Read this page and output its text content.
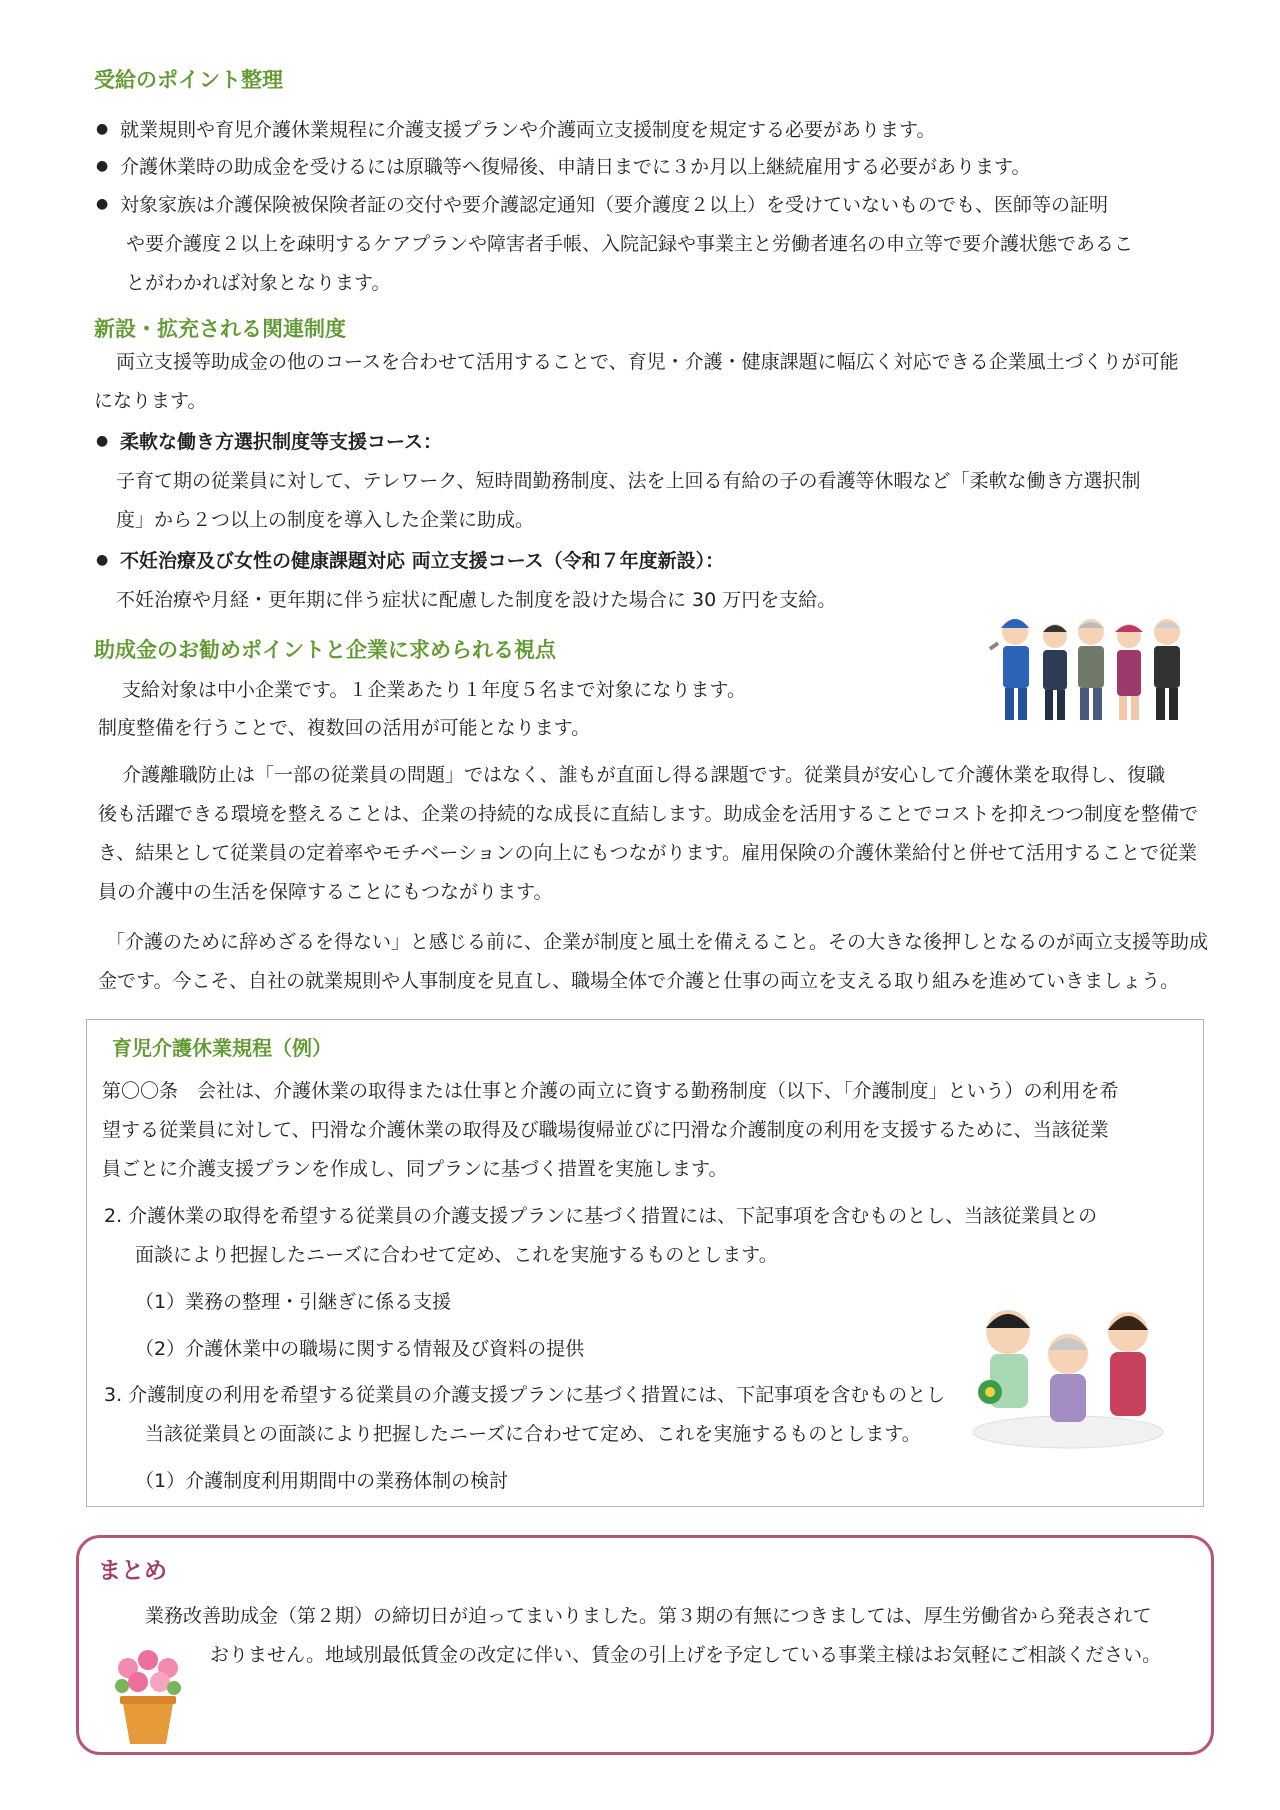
受給のポイント整理
● 就業規則や育児介護休業規程に介護支援プランや介護両立支援制度を規定する必要があります。
● 介護休業時の助成金を受けるには原職等へ復帰後、申請日までに３か月以上継続雇用する必要があります。
● 対象家族は介護保険被保険者証の交付や要介護認定通知（要介護度２以上）を受けていないものでも、医師等の証明
や要介護度２以上を疎明するケアプランや障害者手帳、入院記録や事業主と労働者連名の申立等で要介護状態であるこ
とがわかれば対象となります。
新設・拡充される関連制度
両立支援等助成金の他のコースを合わせて活用することで、育児・介護・健康課題に幅広く対応できる企業風土づくりが可能
になります。
● 柔軟な働き方選択制度等支援コース：
子育て期の従業員に対して、テレワーク、短時間勤務制度、法を上回る有給の子の看護等休暇など「柔軟な働き方選択制
度」から２つ以上の制度を導入した企業に助成。
● 不妊治療及び女性の健康課題対応 両立支援コース（令和７年度新設）：
不妊治療や月経・更年期に伴う症状に配慮した制度を設けた場合に 30 万円を支給。
助成金のお勧めポイントと企業に求められる視点
支給対象は中小企業です。１企業あたり１年度５名まで対象になります。
制度整備を行うことで、複数回の活用が可能となります。
介護離職防止は「一部の従業員の問題」ではなく、誰もが直面し得る課題です。従業員が安心して介護休業を取得し、復職
後も活躍できる環境を整えることは、企業の持続的な成長に直結します。助成金を活用することでコストを抑えつつ制度を整備で
き、結果として従業員の定着率やモチベーションの向上にもつながります。雇用保険の介護休業給付と併せて活用することで従業
員の介護中の生活を保障することにもつながります。
「介護のために辞めざるを得ない」と感じる前に、企業が制度と風土を備えること。その大きな後押しとなるのが両立支援等助成
金です。今こそ、自社の就業規則や人事制度を見直し、職場全体で介護と仕事の両立を支える取り組みを進めていきましょう。
育児介護休業規程（例）
第〇〇条　会社は、介護休業の取得または仕事と介護の両立に資する勤務制度（以下、「介護制度」という）の利用を希
望する従業員に対して、円滑な介護休業の取得及び職場復帰並びに円滑な介護制度の利用を支援するために、当該従業
員ごとに介護支援プランを作成し、同プランに基づく措置を実施します。
2. 介護休業の取得を希望する従業員の介護支援プランに基づく措置には、下記事項を含むものとし、当該従業員との
面談により把握したニーズに合わせて定め、これを実施するものとします。
（1）業務の整理・引継ぎに係る支援
（2）介護休業中の職場に関する情報及び資料の提供
3. 介護制度の利用を希望する従業員の介護支援プランに基づく措置には、下記事項を含むものとし
当該従業員との面談により把握したニーズに合わせて定め、これを実施するものとします。
（1）介護制度利用期間中の業務体制の検討
まとめ
業務改善助成金（第２期）の締切日が迫ってまいりました。第３期の有無につきましては、厚生労働省から発表されて
おりません。地域別最低賃金の改定に伴い、賃金の引上げを予定している事業主様はお気軽にご相談ください。
